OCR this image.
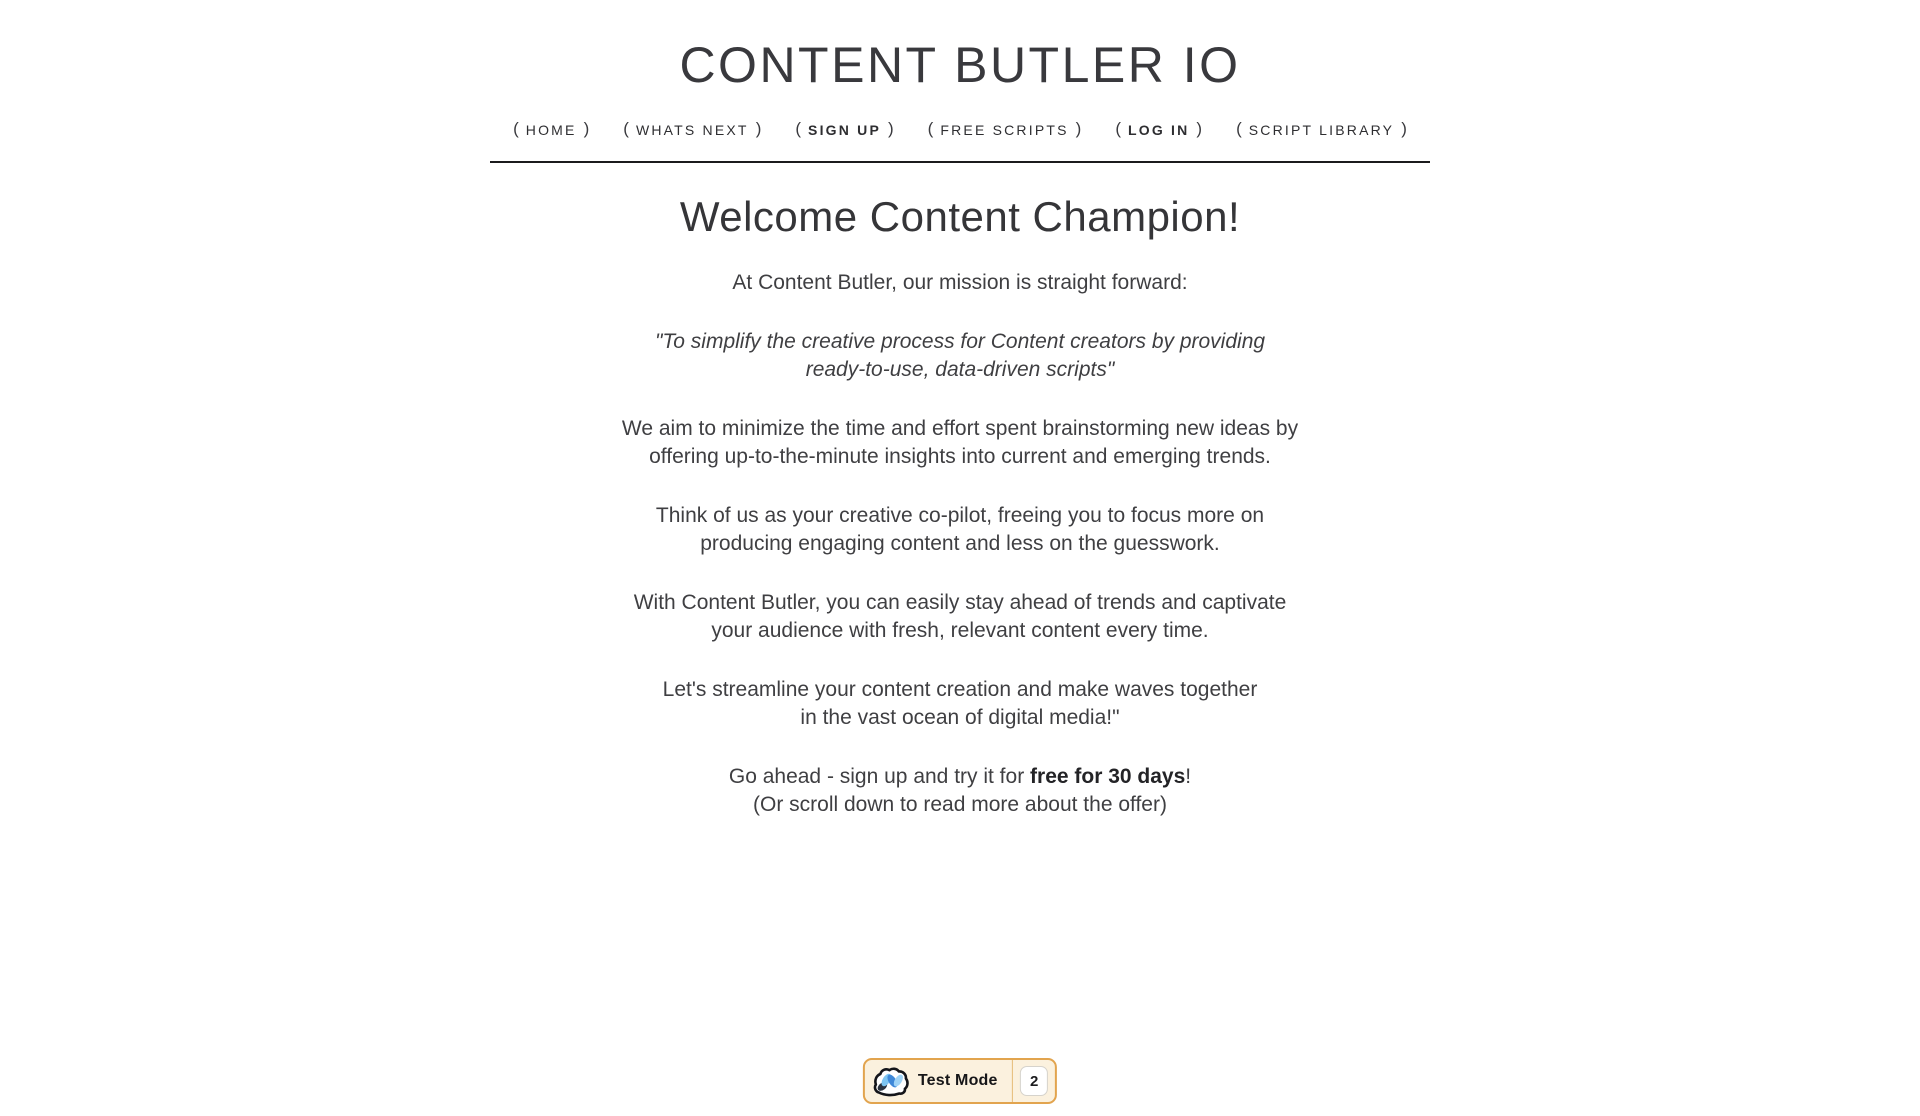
CONTENT BUTLER IO
( HOME ) ( WHATS NEXT ) ( SIGN UP ) ( FREE SCRIPTS ) ( LOG IN ) ( SCRIPT LIBRARY )
Welcome Content Champion!
At Content Butler, our mission is straight forward:
"To simplify the creative process for Content creators by providing
ready-to-use, data-driven scripts"
We aim to minimize the time and effort spent brainstorming new ideas by
offering up-to-the-minute insights into current and emerging trends.
Think of us as your creative co-pilot, freeing you to focus more on
producing engaging content and less on the guesswork.
With Content Butler, you can easily stay ahead of trends and captivate
your audience with fresh, relevant content every time.
Let's streamline your content creation and make waves together
in the vast ocean of digital media!"
Go ahead - sign up and try it for free for 30 days!
(Or scroll down to read more about the offer)
Test Mode	2
